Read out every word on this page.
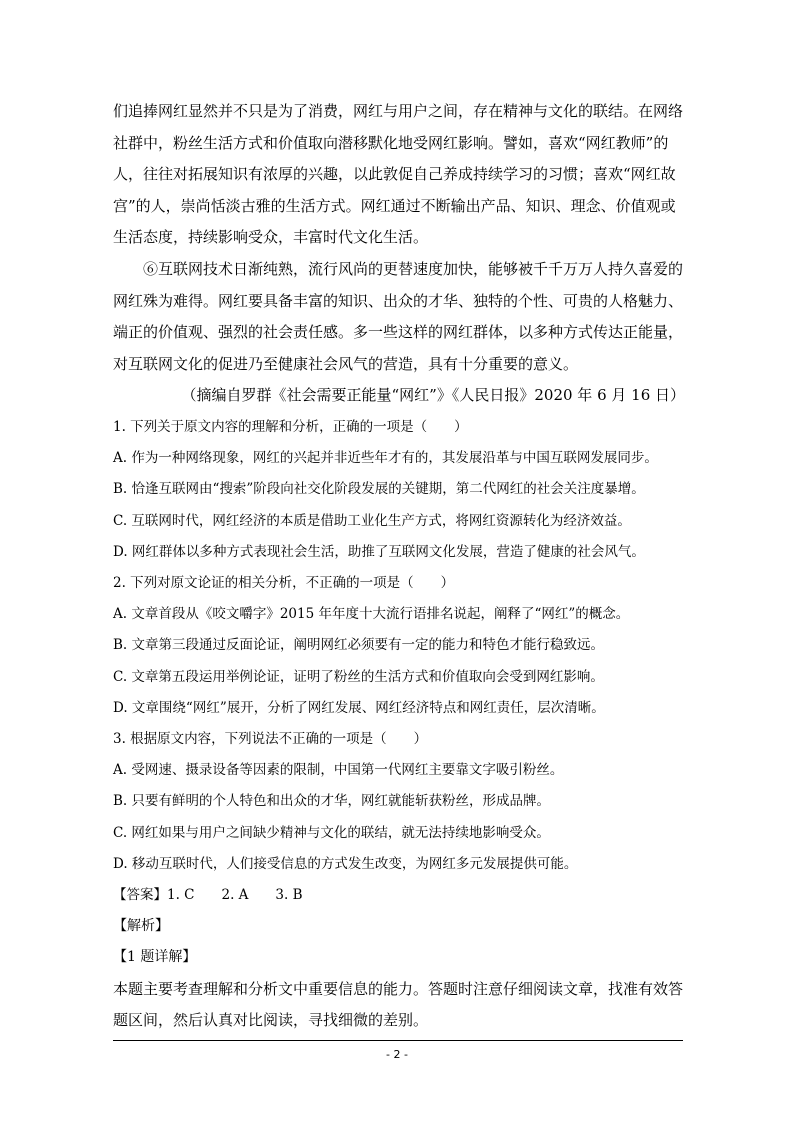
们追捧网红显然并不只是为了消费，网红与用户之间，存在精神与文化的联结。在网络社群中，粉丝生活方式和价值取向潜移默化地受网红影响。譬如，喜欢“网红教师”的人，往往对拓展知识有浓厚的兴趣，以此敦促自己养成持续学习的习惯；喜欢“网红故宫”的人，崇尚恬淡古雅的生活方式。网红通过不断输出产品、知识、理念、价值观或生活态度，持续影响受众，丰富时代文化生活。

⑥互联网技术日渐纯熟，流行风尚的更替速度加快，能够被千千万万人持久喜爱的网红殊为难得。网红要具备丰富的知识、出众的才华、独特的个性、可贵的人格魅力、端正的价值观、强烈的社会责任感。多一些这样的网红群体，以多种方式传达正能量，对互联网文化的促进乃至健康社会风气的营造，具有十分重要的意义。

（摘编自罗群《社会需要正能量“网红”》《人民日报》2020 年 6 月 16 日）

1. 下列关于原文内容的理解和分析，正确的一项是（　　）

A. 作为一种网络现象，网红的兴起并非近些年才有的，其发展沿革与中国互联网发展同步。

B. 恰逢互联网由“搜索”阶段向社交化阶段发展的关键期，第二代网红的社会关注度暴增。

C. 互联网时代，网红经济的本质是借助工业化生产方式，将网红资源转化为经济效益。

D. 网红群体以多种方式表现社会生活，助推了互联网文化发展，营造了健康的社会风气。

2. 下列对原文论证的相关分析，不正确的一项是（　　）

A. 文章首段从《咬文嚼字》2015 年年度十大流行语排名说起，阐释了“网红”的概念。

B. 文章第三段通过反面论证，阐明网红必须要有一定的能力和特色才能行稳致远。

C. 文章第五段运用举例论证，证明了粉丝的生活方式和价值取向会受到网红影响。

D. 文章围绕“网红”展开，分析了网红发展、网红经济特点和网红责任，层次清晰。

3. 根据原文内容，下列说法不正确的一项是（　　）

A. 受网速、摄录设备等因素的限制，中国第一代网红主要靠文字吸引粉丝。

B. 只要有鲜明的个人特色和出众的才华，网红就能斩获粉丝，形成品牌。

C. 网红如果与用户之间缺少精神与文化的联结，就无法持续地影响受众。

D. 移动互联时代，人们接受信息的方式发生改变，为网红多元发展提供可能。

【答案】1. C　　2. A　　3. B

【解析】

【1 题详解】

本题主要考查理解和分析文中重要信息的能力。答题时注意仔细阅读文章，找准有效答题区间，然后认真对比阅读，寻找细微的差别。

- 2 -
